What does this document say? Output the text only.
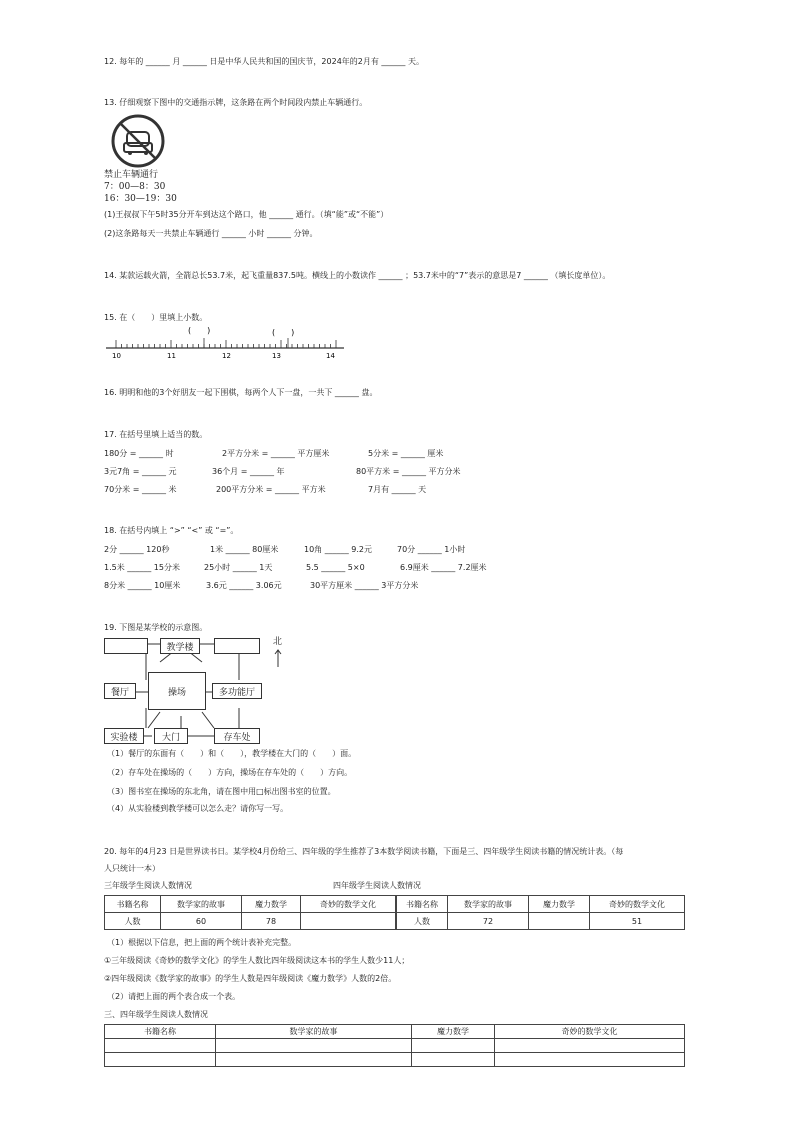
12. 每年的 ______ 月 ______ 日是中华人民共和国的国庆节，2024年的2月有 ______ 天。
13. 仔细观察下图中的交通指示牌，这条路在两个时间段内禁止车辆通行。
禁止车辆通行
7：00—8：30
16：30—19：30
(1)王叔叔下午5时35分开车到达这个路口，他 ______ 通行。（填“能”或“不能”）
(2)这条路每天一共禁止车辆通行 ______ 小时 ______ 分钟。
14. 某款运载火箭，全箭总长53.7米，起飞重量837.5吨。横线上的小数读作 ______ ；53.7米中的“7”表示的意思是7 ______ （填长度单位）。
15. 在（　　）里填上小数。
(　　)	(　　)
10	11	12	13	14
16. 明明和他的3个好朋友一起下围棋，每两个人下一盘，一共下 ______ 盘。
17. 在括号里填上适当的数。
180分 = ______ 时	2平方分米 = ______ 平方厘米	5分米 = ______ 厘米
3元7角 = ______ 元	36个月 = ______ 年	80平方米 = ______ 平方分米
70分米 = ______ 米	200平方分米 = ______ 平方米	7月有 ______ 天
18. 在括号内填上 “>” “<” 或 “=”。
2分 ______ 120秒	1米 ______ 80厘米	10角 ______ 9.2元	70分 ______ 1小时
1.5米 ______ 15分米	25小时 ______ 1天	5.5 ______ 5×0	6.9厘米 ______ 7.2厘米
8分米 ______ 10厘米	3.6元 ______ 3.06元	30平方厘米 ______ 3平方分米
19. 下图是某学校的示意图。
教学楼
餐厅	操场	多功能厅
实验楼	大门	存车处
北
（1）餐厅的东面有（　　）和（　　），教学楼在大门的（　　）面。
（2）存车处在操场的（　　）方向，操场在存车处的（　　）方向。
（3）图书室在操场的东北角，请在图中用□标出图书室的位置。
（4）从实验楼到教学楼可以怎么走？请你写一写。
20. 每年的4月23 日是世界读书日。某学校4月份给三、四年级的学生推荐了3本数学阅读书籍，下面是三、四年级学生阅读书籍的情况统计表。（每
人只统计一本）
三年级学生阅读人数情况	四年级学生阅读人数情况
书籍名称	数学家的故事	魔力数学	奇妙的数学文化
人数	60	78	
书籍名称	数学家的故事	魔力数学	奇妙的数学文化
人数	72		51
（1）根据以下信息，把上面的两个统计表补充完整。
①三年级阅读《奇妙的数学文化》的学生人数比四年级阅读这本书的学生人数少11人；
②四年级阅读《数学家的故事》的学生人数是四年级阅读《魔力数学》人数的2倍。
（2）请把上面的两个表合成一个表。
三、四年级学生阅读人数情况
书籍名称	数学家的故事	魔力数学	奇妙的数学文化
